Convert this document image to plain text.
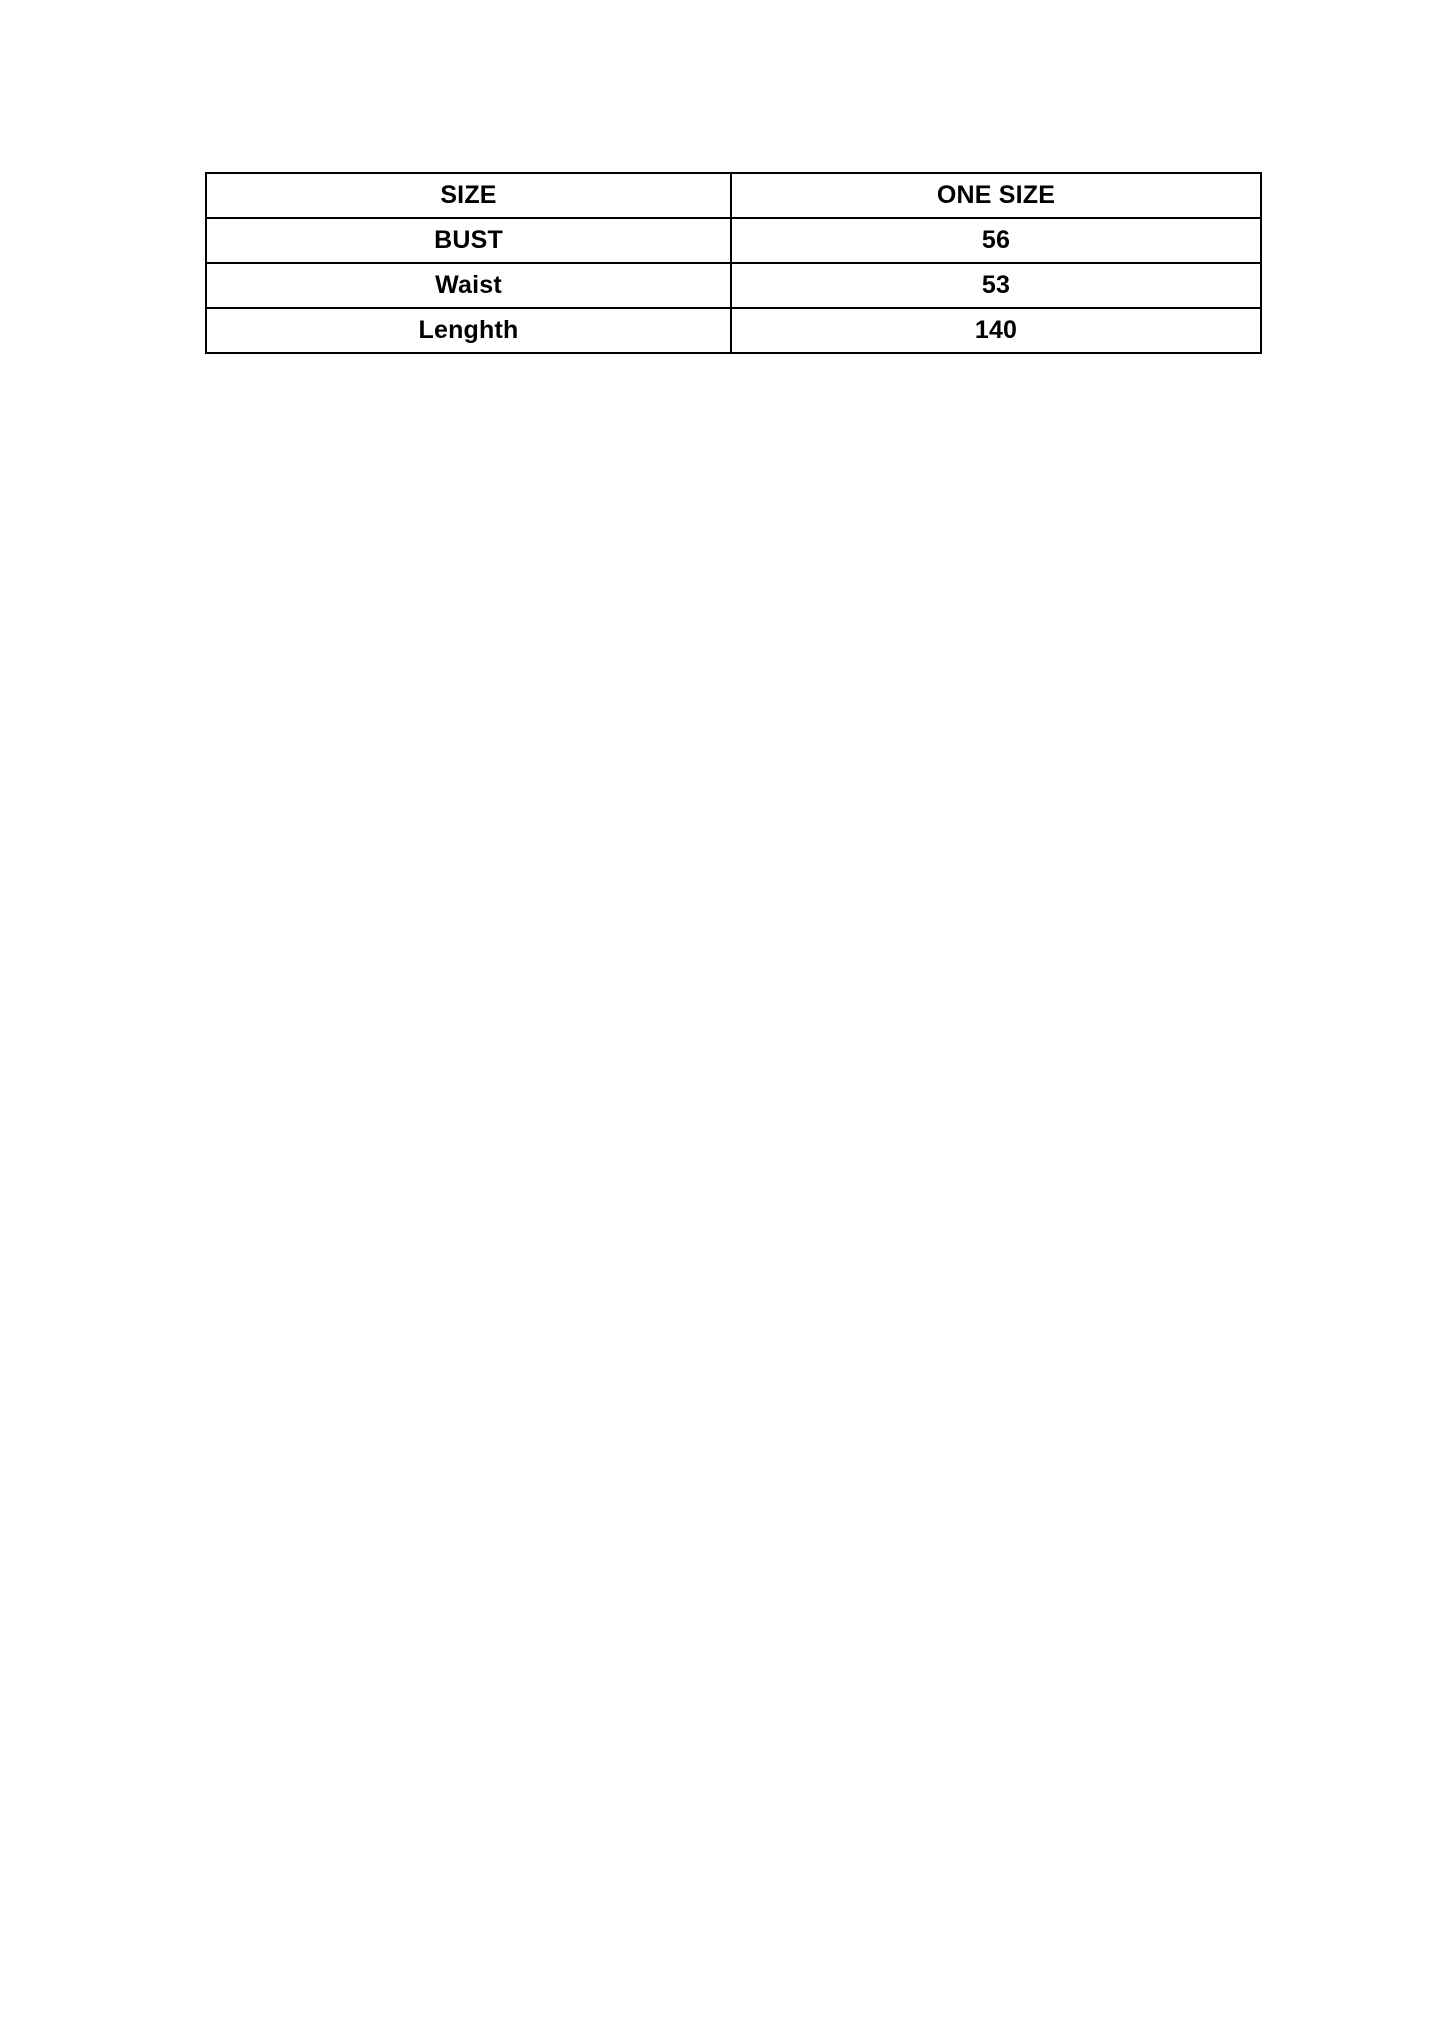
SIZE	ONE SIZE
BUST	56
Waist	53
Lenghth	140
